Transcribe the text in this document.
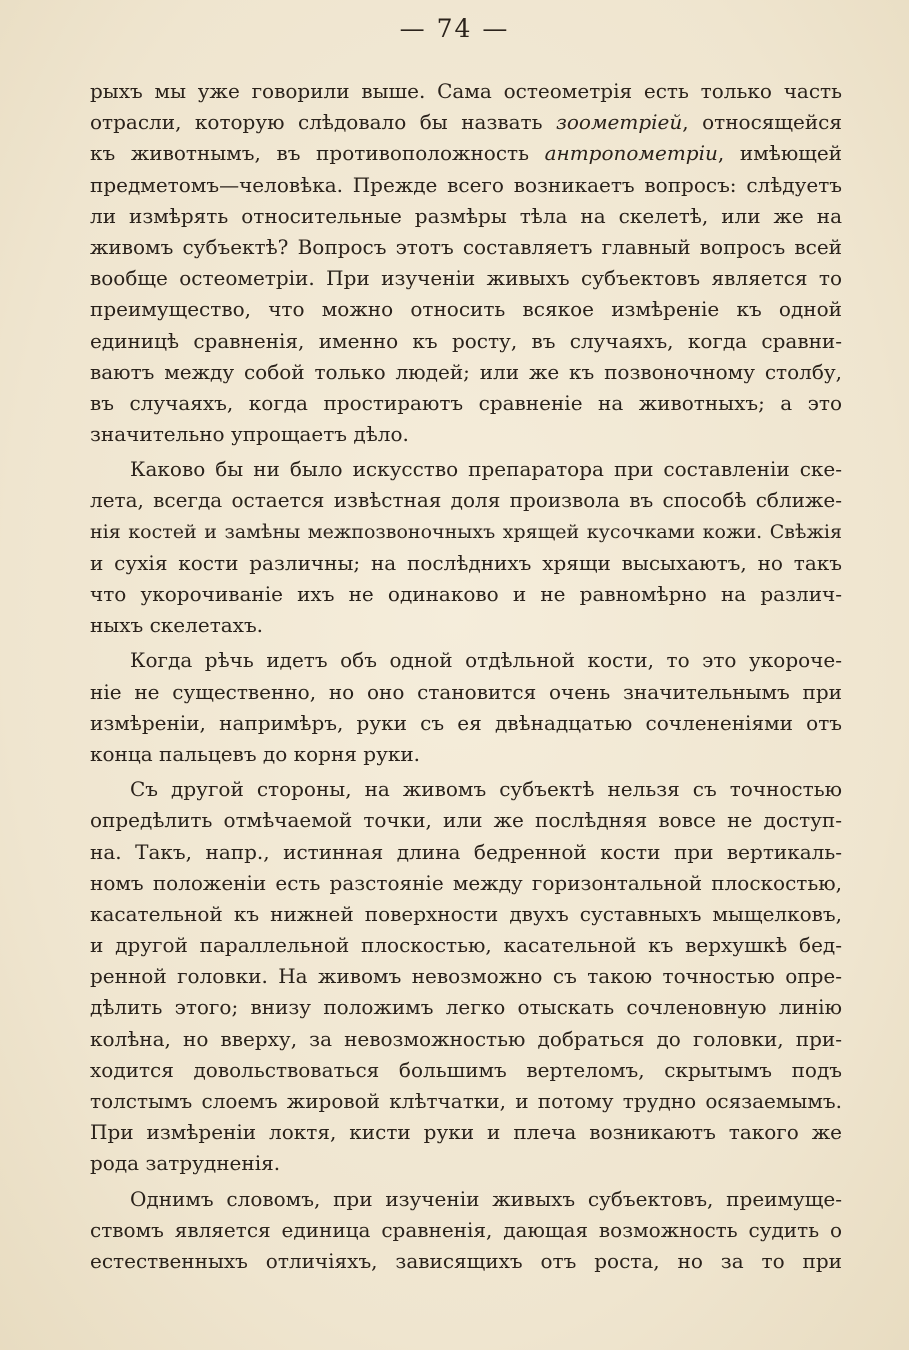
— 74 —
рыхъ мы уже говорили выше. Сама остеометрія есть только часть
отрасли, которую слѣдовало бы назвать зоометріей, относящейся
къ животнымъ, въ противоположность антропометріи, имѣющей
предметомъ—человѣка. Прежде всего возникаетъ вопросъ: слѣдуетъ
ли измѣрять относительные размѣры тѣла на скелетѣ, или же на
живомъ субъектѣ? Вопросъ этотъ составляетъ главный вопросъ всей
вообще остеометріи. При изученіи живыхъ субъектовъ является то
преимущество, что можно относить всякое измѣреніе къ одной
единицѣ сравненія, именно къ росту, въ случаяхъ, когда сравни-
ваютъ между собой только людей; или же къ позвоночному столбу,
въ случаяхъ, когда простираютъ сравненіе на животныхъ; а это
значительно упрощаетъ дѣло.
Каково бы ни было искусство препаратора при составленіи ске-
лета, всегда остается извѣстная доля произвола въ способѣ сближе-
нія костей и замѣны межпозвоночныхъ хрящей кусочками кожи. Свѣжія
и сухія кости различны; на послѣднихъ хрящи высыхаютъ, но такъ
что укорочиваніе ихъ не одинаково и не равномѣрно на различ-
ныхъ скелетахъ.
Когда рѣчь идетъ объ одной отдѣльной кости, то это укороче-
ніе не существенно, но оно становится очень значительнымъ при
измѣреніи, напримѣръ, руки съ ея двѣнадцатью сочлененіями отъ
конца пальцевъ до корня руки.
Съ другой стороны, на живомъ субъектѣ нельзя съ точностью
опредѣлить отмѣчаемой точки, или же послѣдняя вовсе не доступ-
на. Такъ, напр., истинная длина бедренной кости при вертикаль-
номъ положеніи есть разстояніе между горизонтальной плоскостью,
касательной къ нижней поверхности двухъ суставныхъ мыщелковъ,
и другой параллельной плоскостью, касательной къ верхушкѣ бед-
ренной головки. На живомъ невозможно съ такою точностью опре-
дѣлить этого; внизу положимъ легко отыскать сочленовную линію
колѣна, но вверху, за невозможностью добраться до головки, при-
ходится довольствоваться большимъ вертеломъ, скрытымъ подъ
толстымъ слоемъ жировой клѣтчатки, и потому трудно осязаемымъ.
При измѣреніи локтя, кисти руки и плеча возникаютъ такого же
рода затрудненія.
Однимъ словомъ, при изученіи живыхъ субъектовъ, преимуще-
ствомъ является единица сравненія, дающая возможность судить о
естественныхъ отличіяхъ, зависящихъ отъ роста, но за то при
